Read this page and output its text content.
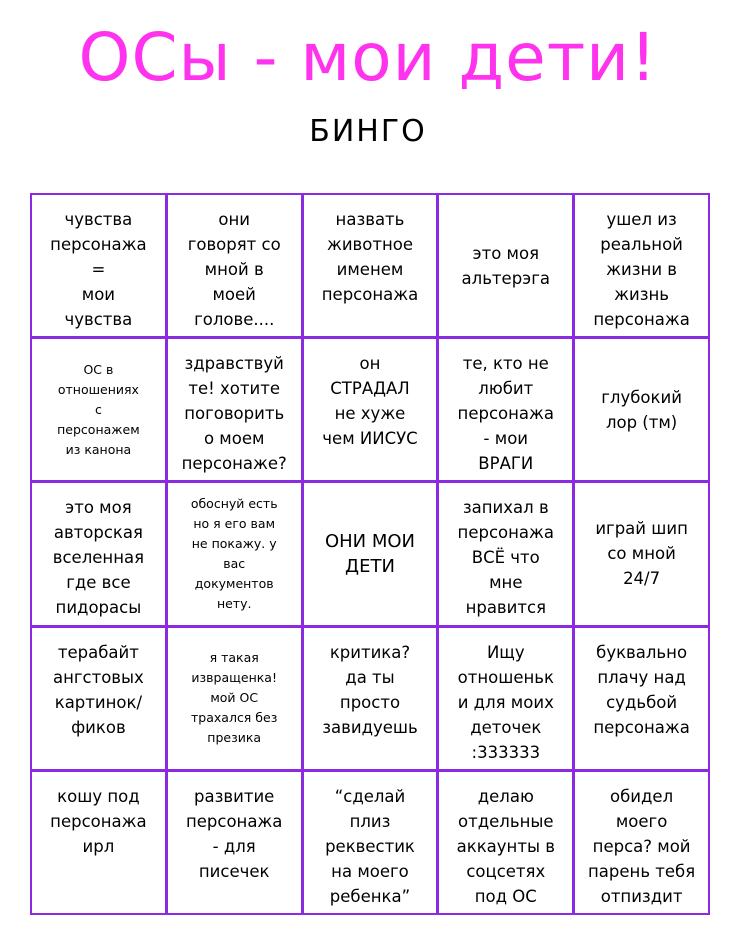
ОСы - мои дети!
БИНГО
чувства
персонажа
=
мои
чувства
они
говорят со
мной в
моей
голове....
назвать
животное
именем
персонажа
это моя
альтерэга
ушел из
реальной
жизни в
жизнь
персонажа
ОС в
отношениях
с
персонажем
из канона
здравствуй
те! хотите
поговорить
о моем
персонаже?
он
СТРАДАЛ
не хуже
чем ИИСУС
те, кто не
любит
персонажа
- мои
ВРАГИ
глубокий
лор (тм)
это моя
авторская
вселенная
где все
пидорасы
обоснуй есть
но я его вам
не покажу. у
вас
документов
нету.
ОНИ МОИ
ДЕТИ
запихал в
персонажа
ВСЁ что
мне
нравится
играй шип
со мной
24/7
терабайт
ангстовых
картинок/
фиков
я такая
извращенка!
мой ОС
трахался без
презика
критика?
да ты
просто
завидуешь
Ищу
отношеньк
и для моих
деточек
:333333
буквально
плачу над
судьбой
персонажа
кошу под
персонажа
ирл
развитие
персонажа
- для
писечек
“сделай
плиз
реквестик
на моего
ребенка”
делаю
отдельные
аккаунты в
соцсетях
под ОС
обидел
моего
перса? мой
парень тебя
отпиздит
